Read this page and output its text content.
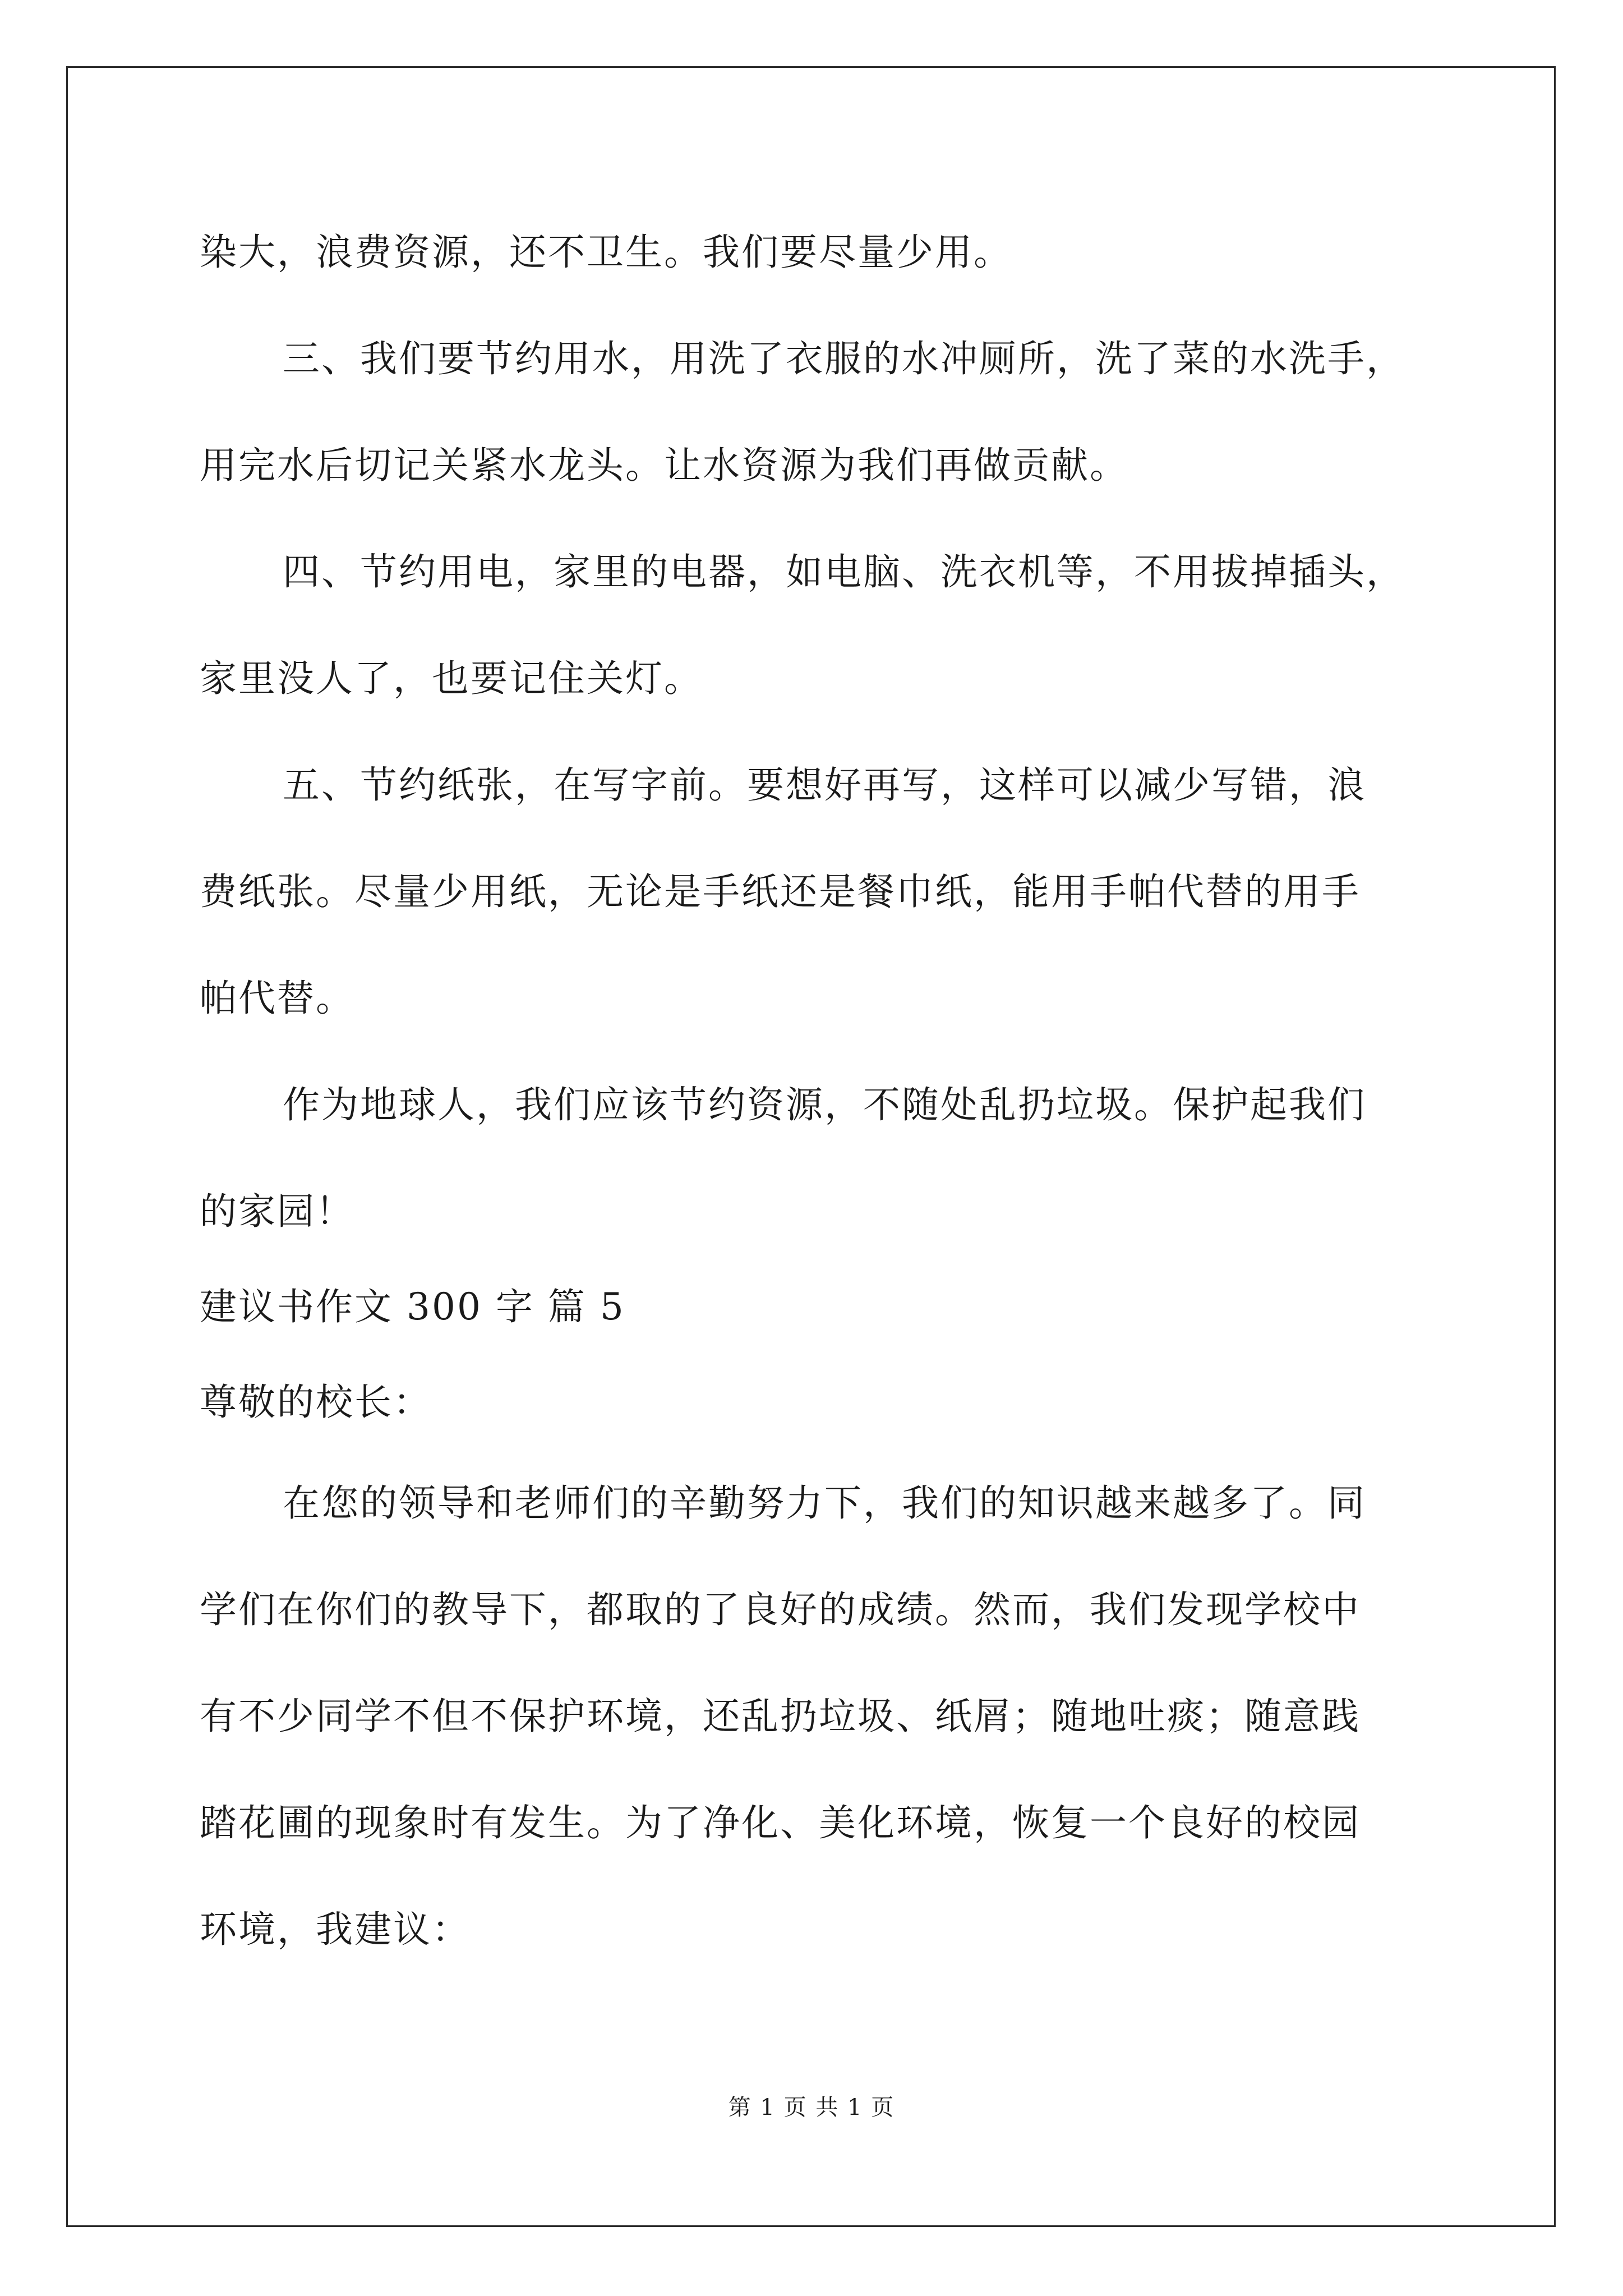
染大，浪费资源，还不卫生。我们要尽量少用。
三、我们要节约用水，用洗了衣服的水冲厕所，洗了菜的水洗手，
用完水后切记关紧水龙头。让水资源为我们再做贡献。
四、节约用电，家里的电器，如电脑、洗衣机等，不用拔掉插头，
家里没人了，也要记住关灯。
五、节约纸张，在写字前。要想好再写，这样可以减少写错，浪
费纸张。尽量少用纸，无论是手纸还是餐巾纸，能用手帕代替的用手
帕代替。
作为地球人，我们应该节约资源，不随处乱扔垃圾。保护起我们
的家园！
建议书作文 300 字 篇 5
尊敬的校长：
在您的领导和老师们的辛勤努力下，我们的知识越来越多了。同
学们在你们的教导下，都取的了良好的成绩。然而，我们发现学校中
有不少同学不但不保护环境，还乱扔垃圾、纸屑；随地吐痰；随意践
踏花圃的现象时有发生。为了净化、美化环境，恢复一个良好的校园
环境，我建议：
第 1 页 共 1 页
